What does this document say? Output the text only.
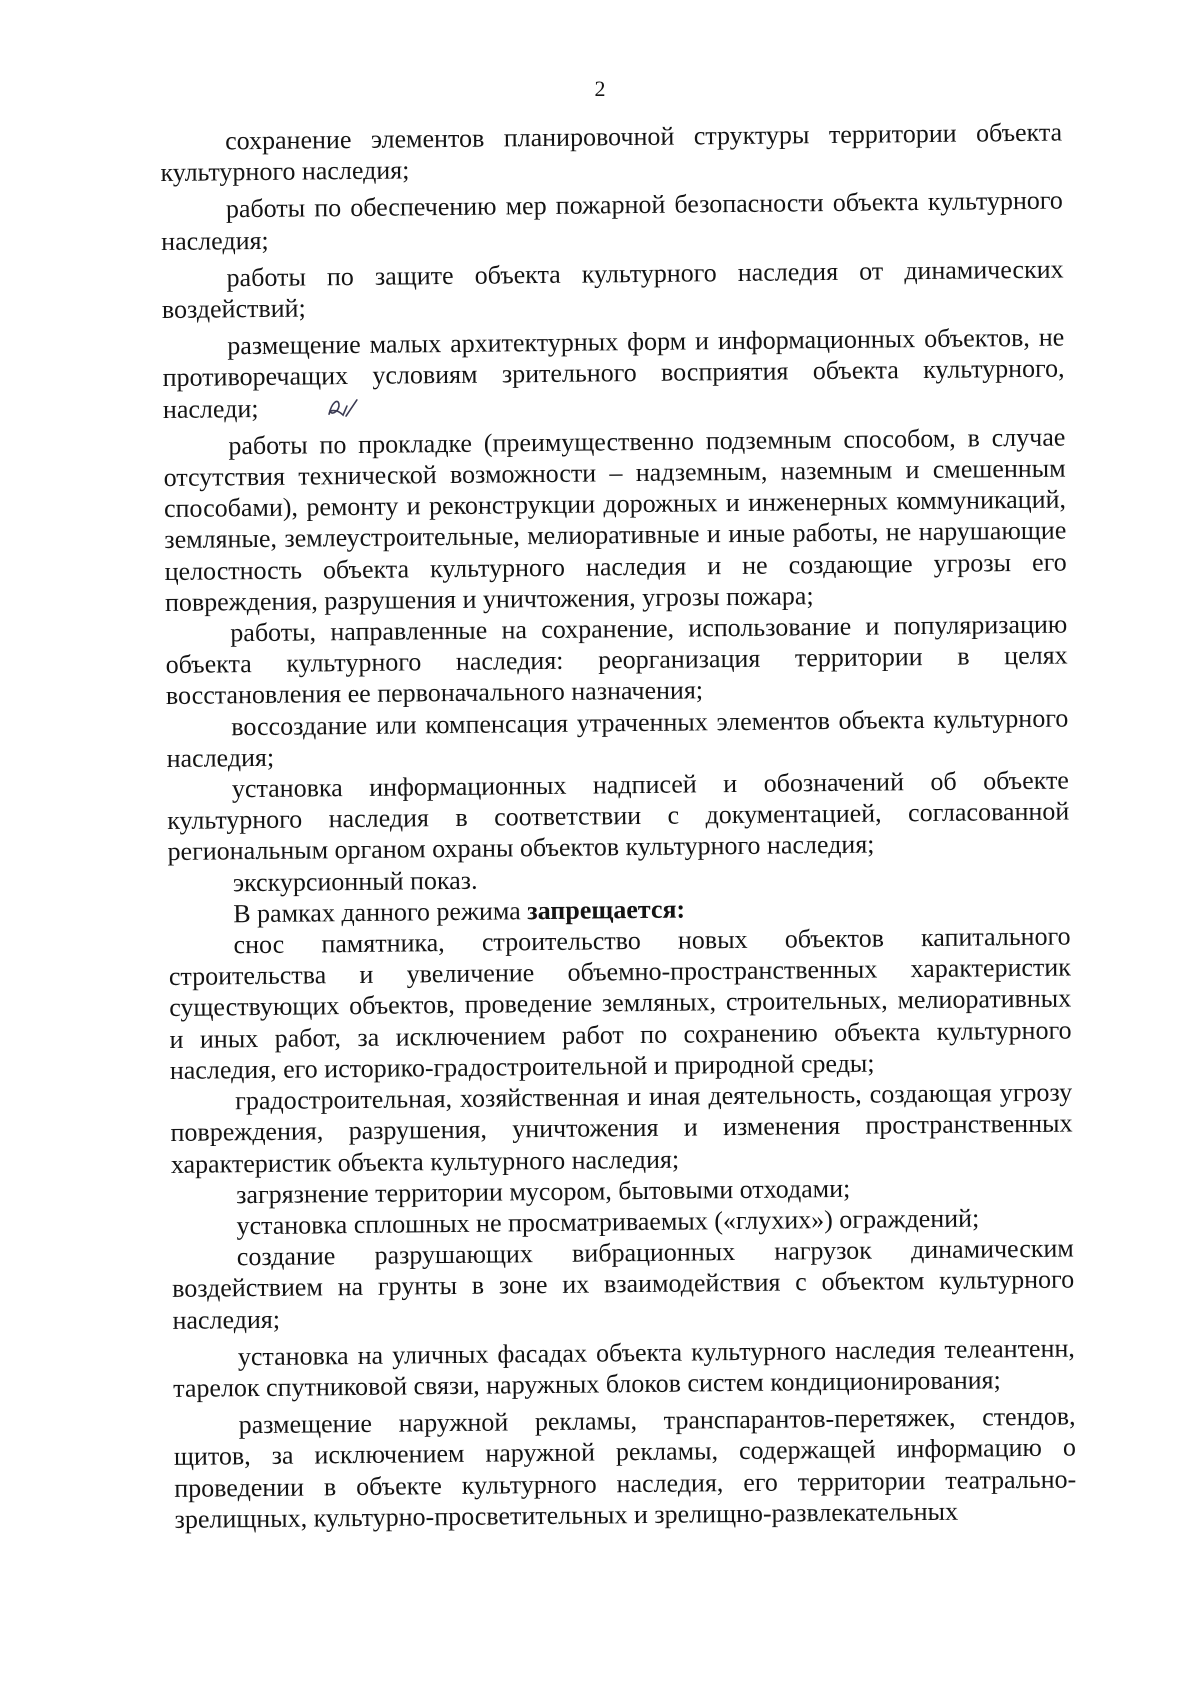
2

сохранение элементов планировочной структуры территории объекта культурного наследия;

работы по обеспечению мер пожарной безопасности объекта культурного наследия;

работы по защите объекта культурного наследия от динамических воздействий;

размещение малых архитектурных форм и информационных объектов, не противоречащих условиям зрительного восприятия объекта культурного, наследи;

работы по прокладке (преимущественно подземным способом, в случае отсутствия технической возможности – надземным, наземным и смешенным способами), ремонту и реконструкции дорожных и инженерных коммуникаций, земляные, землеустроительные, мелиоративные и иные работы, не нарушающие целостность объекта культурного наследия и не создающие угрозы его повреждения, разрушения и уничтожения, угрозы пожара;

работы, направленные на сохранение, использование и популяризацию объекта культурного наследия: реорганизация территории в целях восстановления ее первоначального назначения;

воссоздание или компенсация утраченных элементов объекта культурного наследия;

установка информационных надписей и обозначений об объекте культурного наследия в соответствии с документацией, согласованной региональным органом охраны объектов культурного наследия;

экскурсионный показ.

В рамках данного режима запрещается:

снос памятника, строительство новых объектов капитального строительства и увеличение объемно-пространственных характеристик существующих объектов, проведение земляных, строительных, мелиоративных и иных работ, за исключением работ по сохранению объекта культурного наследия, его историко-градостроительной и природной среды;

градостроительная, хозяйственная и иная деятельность, создающая угрозу повреждения, разрушения, уничтожения и изменения пространственных характеристик объекта культурного наследия;

загрязнение территории мусором, бытовыми отходами;

установка сплошных не просматриваемых («глухих») ограждений;

создание разрушающих вибрационных нагрузок динамическим воздействием на грунты в зоне их взаимодействия с объектом культурного наследия;

установка на уличных фасадах объекта культурного наследия телеантенн, тарелок спутниковой связи, наружных блоков систем кондиционирования;

размещение наружной рекламы, транспарантов-перетяжек, стендов, щитов, за исключением наружной рекламы, содержащей информацию о проведении в объекте культурного наследия, его территории театрально-зрелищных, культурно-просветительных и зрелищно-развлекательных
